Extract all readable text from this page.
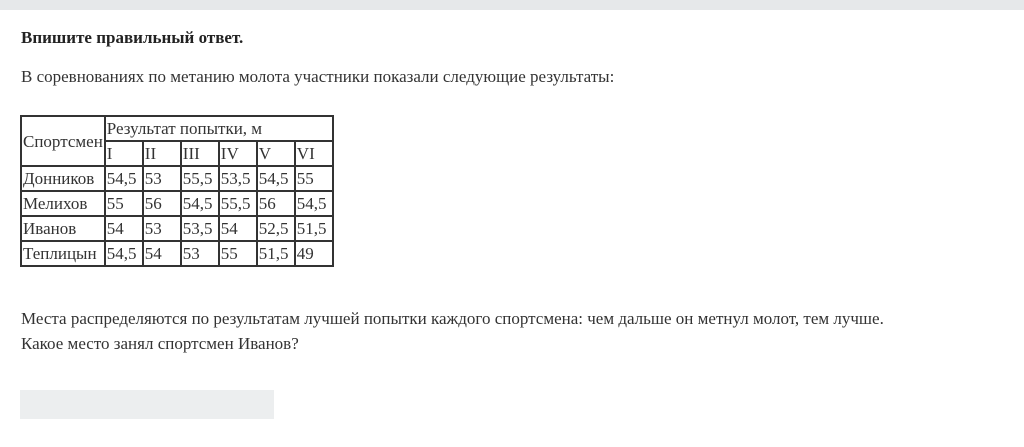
Впишите правильный ответ.
В соревнованиях по метанию молота участники показали следующие результаты:
Спортсмен	Результат попытки, м					
	I	II	III	IV	V	VI
Донников	54,5	53	55,5	53,5	54,5	55
Мелихов	55	56	54,5	55,5	56	54,5
Иванов	54	53	53,5	54	52,5	51,5
Теплицын	54,5	54	53	55	51,5	49
Места распределяются по результатам лучшей попытки каждого спортсмена: чем дальше он метнул молот, тем лучше.
Какое место занял спортсмен Иванов?
